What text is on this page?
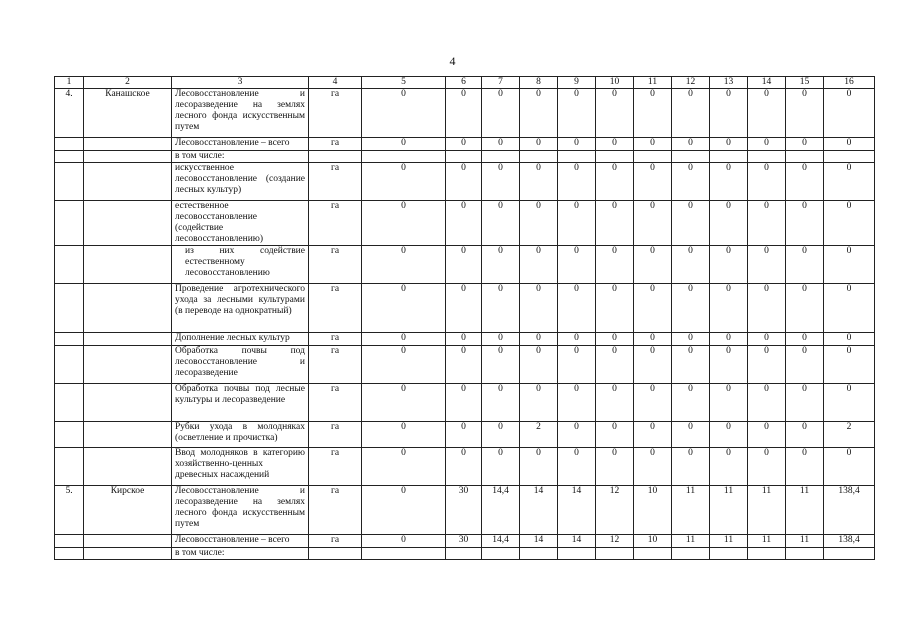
4
1	2	3	4	5	6	7	8	9	10	11	12	13	14	15	16
4.	Канашское	Лесовосстановление и лесоразведение на землях лесного фонда искусственным путем	га	0	0	0	0	0	0	0	0	0	0	0	0
		Лесовосстановление – всего	га	0	0	0	0	0	0	0	0	0	0	0	0
		в том числе:													
		искусственное лесовосстановление (создание лесных культур)	га	0	0	0	0	0	0	0	0	0	0	0	0
		естественное лесовосстановление (содействие лесовосстановлению)	га	0	0	0	0	0	0	0	0	0	0	0	0

		из них содействие естественному лесовосстановлению	га	0	0	0	0	0	0	0	0	0	0	0	0
		Проведение агротехнического ухода за лесными культурами (в переводе на однократный)	га	0	0	0	0	0	0	0	0	0	0	0	0
		Дополнение лесных культур	га	0	0	0	0	0	0	0	0	0	0	0	0
		Обработка почвы под лесовосстановление и лесоразведение	га	0	0	0	0	0	0	0	0	0	0	0	0
		Обработка почвы под лесные культуры и лесоразведение	га	0	0	0	0	0	0	0	0	0	0	0	0
		Рубки ухода в молодняках (осветление и прочистка)	га	0	0	0	2	0	0	0	0	0	0	0	2
		Ввод молодняков в категорию хозяйственно-ценных древесных насаждений	га	0	0	0	0	0	0	0	0	0	0	0	0
5.	Кирское	Лесовосстановление и лесоразведение на землях лесного фонда искусственным путем	га	0	30	14,4	14	14	12	10	11	11	11	11	138,4
		Лесовосстановление – всего	га	0	30	14,4	14	14	12	10	11	11	11	11	138,4
		в том числе:													
